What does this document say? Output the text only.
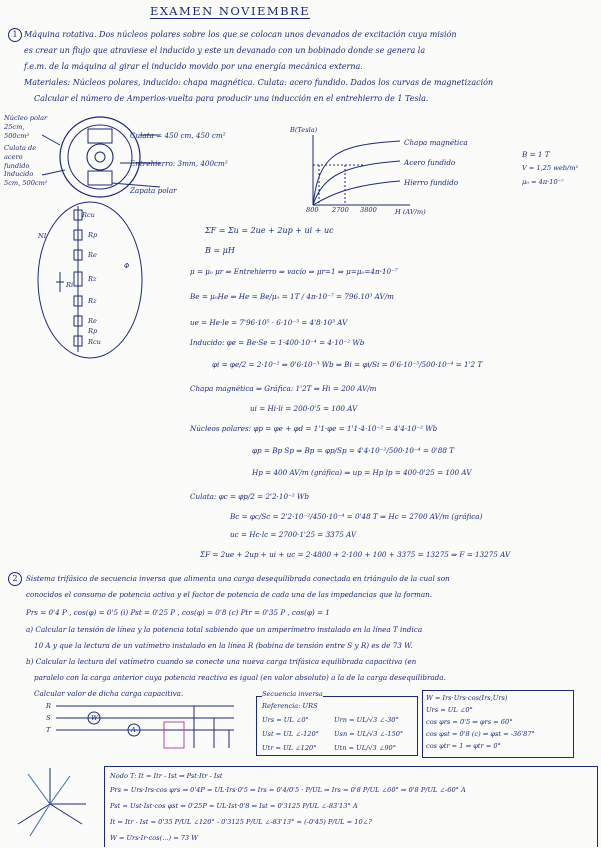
EXAMEN NOVIEMBRE
1 Máquina rotativa. Dos núcleos polares sobre los que se colocan unos devanados de excitación cuya misión
es crear un flujo que atraviese el inducido y este un devanado con un bobinado donde se genera la
f.e.m. de la máquina al girar el inducido movido por una energía mecánica externa.
Materiales: Núcleos polares, inducido: chapa magnética. Culata: acero fundido. Dados los curvas de magnetización
Calcular el número de Amperios-vuelta para producir una inducción en el entrehierro de 1 Tesla.
Núcleo polar 25cm, 500cm²
Culata de acero fundido
Inducido 5cm, 500cm²
Culata = 450 cm, 450 cm²
Entrehierro: 3mm, 400cm²
Zapata polar
B(Tesla)
H (AV/m)
Chapa magnética
Acero fundido
Hierro fundido
800 2700 3800
B = 1 T
V = 1,25 web/m²
μ₀ = 4π·10⁻⁷
Rcu
Rp
Re
Rz
Ri
Rz
Re
Rp
Rcu
NI
Φ
ΣF = Σu = 2ue + 2up + ui + uc
B = μH
μ = μ₀ μr ⇒ Entrehierro ⇒ vacío ⇒ μr=1 ⇒ μ=μ₀=4π·10⁻⁷
Be = μ₀He ⇒ He = Be/μ₀ = 1T / 4π·10⁻⁷ = 796.10³ AV/m
ue = He·le = 7'96·10⁵ · 6·10⁻³ = 4'8·10³ AV
Inducido: φe = Be·Se = 1·400·10⁻⁴ = 4·10⁻² Wb
φi = φe/2 = 2·10⁻² ⇒ 0'6·10⁻³ Wb ⇒ Bi = φi/Si = 0'6·10⁻³/500·10⁻⁴ = 1'2 T
Chapa magnética ⇒ Gráfica: 1'2T ⇒ Hi = 200 AV/m
ui = Hi·li = 200·0'5 = 100 AV
Núcleos polares: φp = φe + φd = 1'1·φe = 1'1·4·10⁻² = 4'4·10⁻² Wb
φp = Bp Sp ⇒ Bp = φp/Sp = 4'4·10⁻²/500·10⁻⁴ = 0'88 T
Hp = 400 AV/m (gráfica) ⇒ up = Hp lp = 400·0'25 = 100 AV
Culata: φc = φp/2 = 2'2·10⁻² Wb
Bc = φc/Sc = 2'2·10⁻²/450·10⁻⁴ = 0'48 T ⇒ Hc = 2700 AV/m (gráfica)
uc = Hc·lc = 2700·1'25 = 3375 AV
ΣF = 2ue + 2up + ui + uc = 2·4800 + 2·100 + 100 + 3375 = 13275 ⇒ F = 13275 AV
2	Sistema trifásico de secuencia inversa que alimenta una carga desequilibrada conectada en triángulo de la cual son
conocidos el consumo de potencia activa y el factor de potencia de cada una de las impedancias que la forman.
Prs = 0'4 P , cos(φ) = 0'5 (i) Pst = 0'25 P , cos(φ) = 0'8 (c) Ptr = 0'35 P , cos(φ) = 1
a) Calcular la tensión de línea y la potencia total sabiendo que un amperímetro instalado en la línea T indica
10 A y que la lectura de un vatímetro instalado en la línea R (bobina de tensión entre S y R) es de 73 W.
b) Calcular la lectura del vatímetro cuando se conecte una nueva carga trifásica equilibrada capacitiva (en
paralelo con la carga anterior cuya potencia reactiva es igual (en valor absoluto) a la de la carga desequilibrada.
Calcular valor de dicha carga capacitiva.
R
S
T	A
W
Secuencia inversa
Referencia: URS
Urs = UL ∠0°
Ust = UL ∠-120°
Utr = UL ∠120°
Urn = UL/√3 ∠-30°
Usn = UL/√3 ∠-150°
Utn = UL/√3 ∠90°
W = Irs·Urs·cos(Irs,Urs)
Urs = UL ∠0°
cos φrs = 0'5 ⇒ φrs = 60°
cos φst = 0'8 (c) ⇒ φst = -36'87°
cos φtr = 1 ⇒ φtr = 0°
Nodo T: It = Itr - Ist ⇒ Pst·Itr - Ist
Prs = Urs·Irs·cos φrs ⇒ 0'4P = UL·Irs·0'5 ⇒ Irs = 0'4/0'5 · P/UL ⇒ Irs = 0'8 P/UL ∠60° ⇒ 0'8 P/UL ∠-60° A
Pst = Ust·Ist·cos φst ⇒ 0'25P = UL·Ist·0'8 ⇒ Ist = 0'3125 P/UL ∠-83'13° A
It = Itr - Ist = 0'35 P/UL ∠120° - 0'3125 P/UL ∠-83'13° = (-0'45) P/UL = 10∠?
W = Urs·Ir·cos(...) = 73 W
